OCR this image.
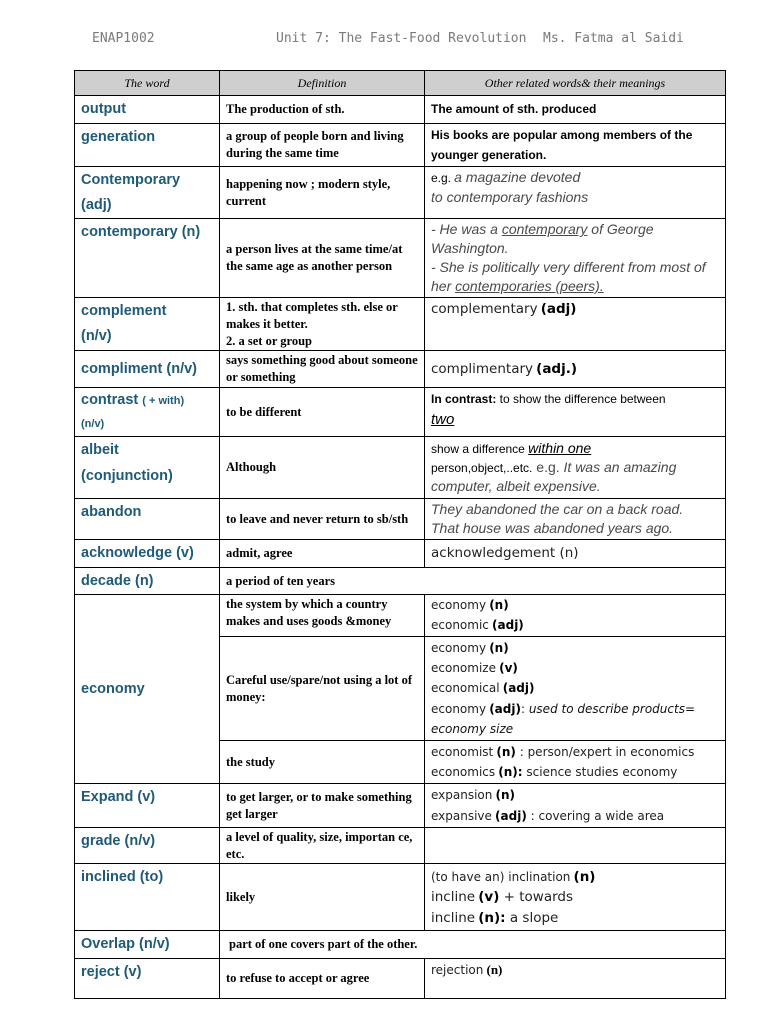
ENAP1002	Unit 7: The Fast-Food Revolution Ms. Fatma al Saidi
The word	Definition	Other related words& their meanings
output	The production of sth.	The amount of sth. produced
generation	a group of people born and living during the same time	His books are popular among members of the younger generation.

Contemporary
(adj)	happening now ; modern style, current	e.g. a magazine devoted
to contemporary fashions
contemporary (n)	a person lives at the same time/at the same age as another person	- He was a contemporary of George Washington.
- She is politically very different from most of her contemporaries (peers).

complement
(n/v)	1. sth. that completes sth. else or makes it better.
2. a set or group	complementary (adj)
compliment (n/v)	says something good about someone or something	complimentary (adj.)
contrast ( + with)
(n/v)	to be different	In contrast: to show the difference between
two

albeit
(conjunction)	Although	show a difference within one
person,object,..etc. e.g. It was an amazing computer, albeit expensive.
abandon	to leave and never return to sb/sth	They abandoned the car on a back road.
That house was abandoned years ago.
acknowledge (v)	admit, agree	acknowledgement (n)
decade (n)	a period of ten years	
economy	the system by which a country makes and uses goods &money	economy (n)
economic (adj)
	Careful use/spare/not using a lot of money:	economy (n)
economize (v)
economical (adj)
economy (adj): used to describe products=
economy size
	the study	economist (n) : person/expert in economics
economics (n): science studies economy
Expand (v)	to get larger, or to make something get larger	expansion (n)
expansive (adj) : covering a wide area
grade (n/v)	a level of quality, size, importan ce, etc.	
inclined (to)	likely	(to have an) inclination (n)
incline (v) + towards
incline (n): a slope
Overlap (n/v)	part of one covers part of the other.	
reject (v)	to refuse to accept or agree	rejection (n)
